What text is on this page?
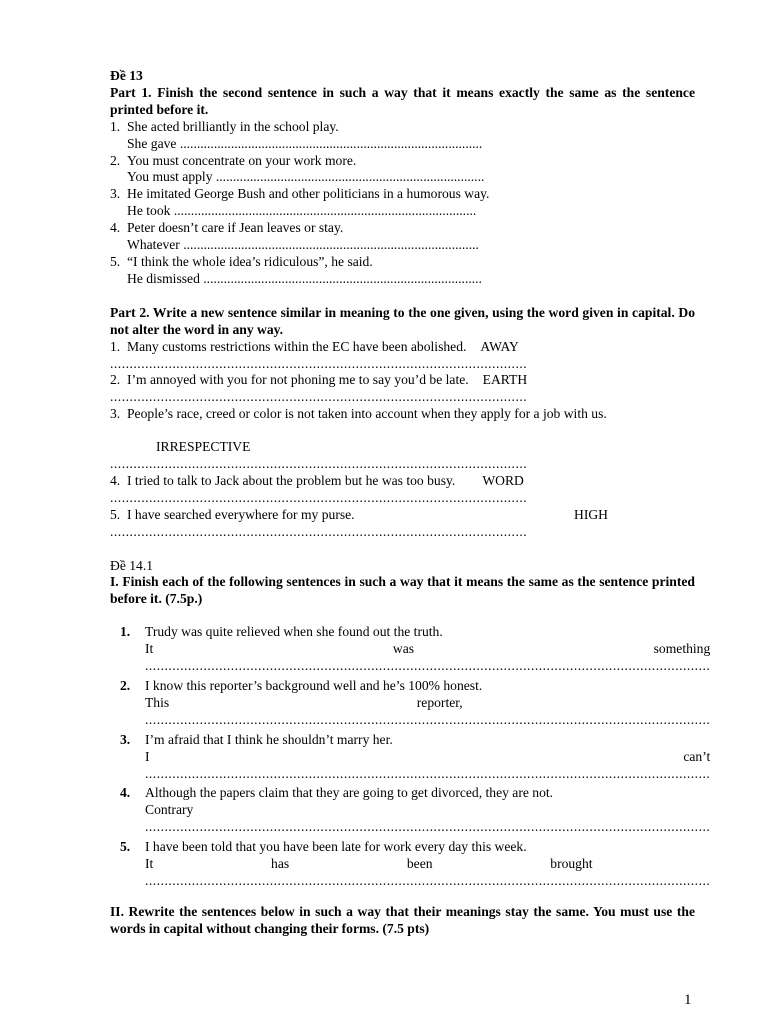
Đề 13
Part 1. Finish the second sentence in such a way that it means exactly the same as the sentence printed before it.
1. She acted brilliantly in the school play.
She gave .........................................................................................
2. You must concentrate on your work more.
You must apply ...............................................................................
3. He imitated George Bush and other politicians in a humorous way.
He took .........................................................................................
4. Peter doesn’t care if Jean leaves or stay.
Whatever .......................................................................................
5. “I think the whole idea’s ridiculous”, he said.
He dismissed ..................................................................................
Part 2. Write a new sentence similar in meaning to the one given, using the word given in capital. Do not alter the word in any way.
1. Many customs restrictions within the EC have been abolished. AWAY
...........................................................................................................
2. I’m annoyed with you for not phoning me to say you’d be late. EARTH
...........................................................................................................
3. People’s race, creed or color is not taken into account when they apply for a job with us.
IRRESPECTIVE
...........................................................................................................
4. I tried to talk to Jack about the problem but he was too busy. WORD
...........................................................................................................
5. I have searched everywhere for my purse.	HIGH
...........................................................................................................
Đề 14.1
I. Finish each of the following sentences in such a way that it means the same as the sentence printed before it. (7.5p.)
1.	Trudy was quite relieved when she found out the truth.
It	was	something
.................................................................................................................................................
2.	I know this reporter’s background well and he’s 100% honest.
This	reporter,
.................................................................................................................................................
3.	I’m afraid that I think he shouldn’t marry her.
I	can’t
.................................................................................................................................................
4.	Although the papers claim that they are going to get divorced, they are not.
Contrary
.................................................................................................................................................
5.	I have been told that you have been late for work every day this week.
It	has	been	brought
.................................................................................................................................................
II. Rewrite the sentences below in such a way that their meanings stay the same. You must use the words in capital without changing their forms. (7.5 pts)
1
